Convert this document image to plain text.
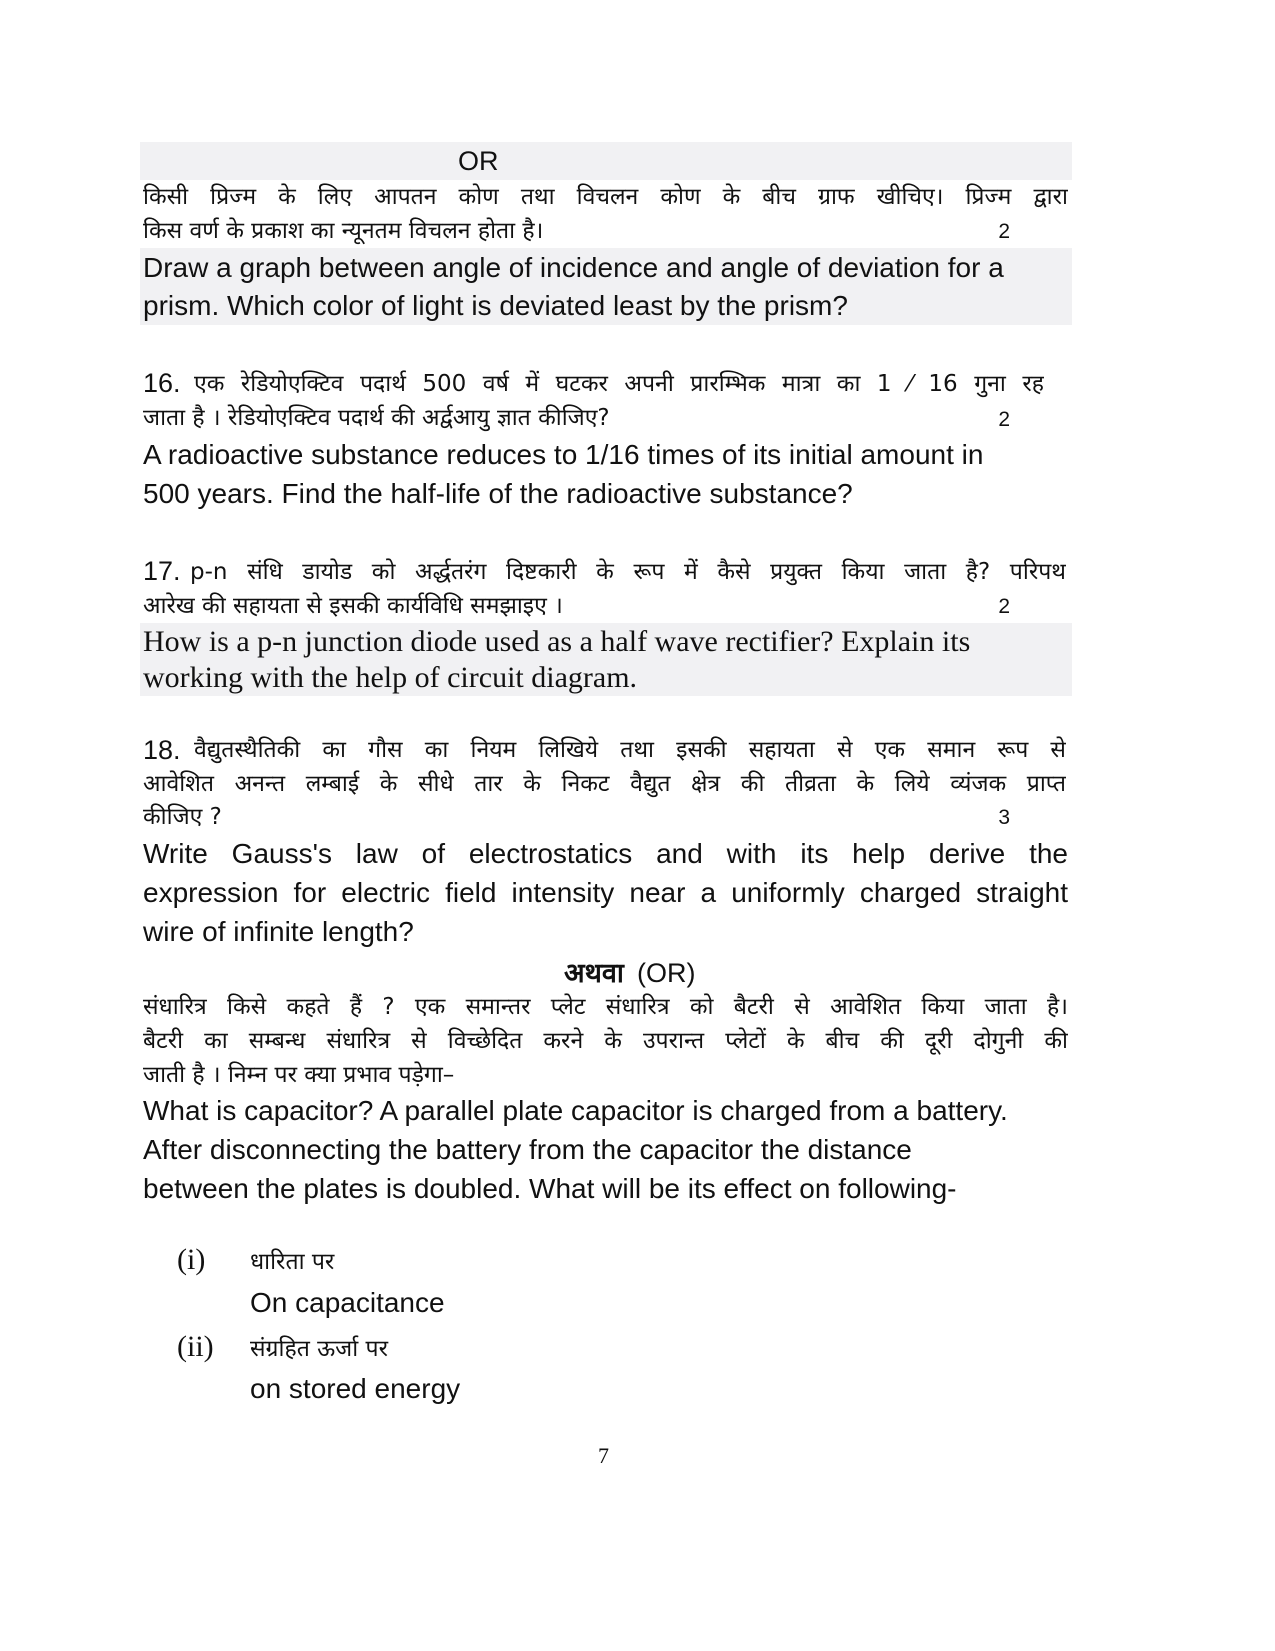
OR
किसी प्रिज्म के लिए आपतन कोण तथा विचलन कोण के बीच ग्राफ खीचिए। प्रिज्म द्वारा
किस वर्ण के प्रकाश का न्यूनतम विचलन होता है।	2
Draw a graph between angle of incidence and angle of deviation for a
prism. Which color of light is deviated least by the prism?
16. एक रेडियोएक्टिव पदार्थ 500 वर्ष में घटकर अपनी प्रारम्भिक मात्रा का 1 ⁄ 16 गुना रह
जाता है । रेडियोएक्टिव पदार्थ की अर्द्वआयु ज्ञात कीजिए?	2
A radioactive substance reduces to 1/16 times of its initial amount in
500 years. Find the half-life of the radioactive substance?
17. p-n संधि डायोड को अर्द्धतरंग दिष्टकारी के रूप में कैसे प्रयुक्त किया जाता है? परिपथ
आरेख की सहायता से इसकी कार्यविधि समझाइए ।	2
How is a p-n junction diode used as a half wave rectifier? Explain its
working with the help of circuit diagram.
18. वैद्युतस्थैतिकी का गौस का नियम लिखिये तथा इसकी सहायता से एक समान रूप से
आवेशित अनन्त लम्बाई के सीधे तार के निकट वैद्युत क्षेत्र की तीव्रता के लिये व्यंजक प्राप्त
कीजिए ?	3
Write Gauss's law of electrostatics and with its help derive the
expression for electric field intensity near a uniformly charged straight
wire of infinite length?
अथवा (OR)
संधारित्र किसे कहते हैं ? एक समान्तर प्लेट संधारित्र को बैटरी से आवेशित किया जाता है।
बैटरी का सम्बन्ध संधारित्र से विच्छेदित करने के उपरान्त प्लेटों के बीच की दूरी दोगुनी की
जाती है । निम्न पर क्या प्रभाव पड़ेगा–
What is capacitor? A parallel plate capacitor is charged from a battery.
After disconnecting the battery from the capacitor the distance
between the plates is doubled. What will be its effect on following-
(i) धारिता पर
On capacitance
(ii) संग्रहित ऊर्जा पर
on stored energy
7
